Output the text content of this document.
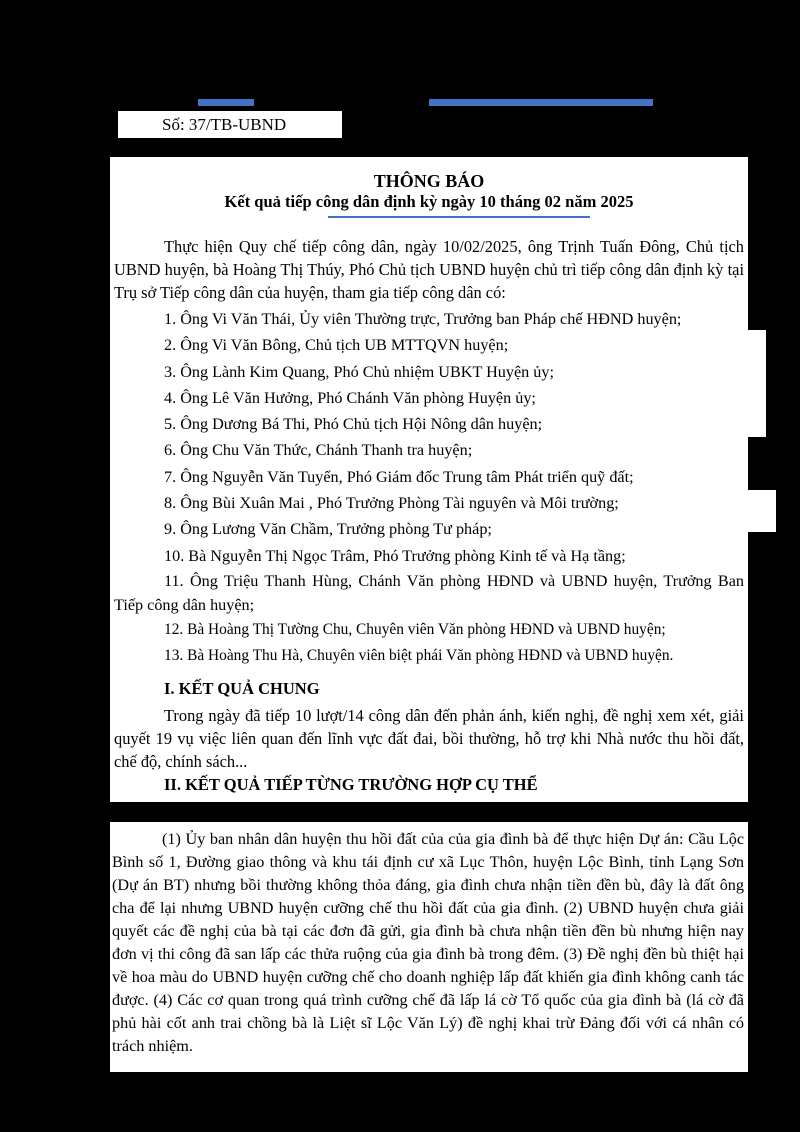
Số: 37/TB-UBND
THÔNG BÁO
Kết quả tiếp công dân định kỳ ngày 10 tháng 02 năm 2025
Thực hiện Quy chế tiếp công dân, ngày 10/02/2025, ông Trịnh Tuấn Đông, Chủ tịch UBND huyện, bà Hoàng Thị Thúy, Phó Chủ tịch UBND huyện chủ trì tiếp công dân định kỳ tại Trụ sở Tiếp công dân của huyện, tham gia tiếp công dân có:
1. Ông Vi Văn Thái, Ủy viên Thường trực, Trưởng ban Pháp chế HĐND huyện;
2. Ông Vi Văn Bông, Chủ tịch UB MTTQVN huyện;
3. Ông Lành Kim Quang, Phó Chủ nhiệm UBKT Huyện ủy;
4. Ông Lê Văn Hưởng, Phó Chánh Văn phòng Huyện ủy;
5. Ông Dương Bá Thi, Phó Chủ tịch Hội Nông dân huyện;
6. Ông Chu Văn Thức, Chánh Thanh tra huyện;
7. Ông Nguyễn Văn Tuyển, Phó Giám đốc Trung tâm Phát triển quỹ đất;
8. Ông Bùi Xuân Mai , Phó Trưởng Phòng Tài nguyên và Môi trường;
9. Ông Lương Văn Chầm, Trưởng phòng Tư pháp;
10. Bà Nguyễn Thị Ngọc Trâm, Phó Trưởng phòng Kinh tế và Hạ tầng;
11. Ông Triệu Thanh Hùng, Chánh Văn phòng HĐND và UBND huyện, Trưởng Ban Tiếp công dân huyện;
12. Bà Hoàng Thị Tường Chu, Chuyên viên Văn phòng HĐND và UBND huyện;
13. Bà Hoàng Thu Hà, Chuyên viên biệt phái Văn phòng HĐND và UBND huyện.
I. KẾT QUẢ CHUNG
Trong ngày đã tiếp 10 lượt/14 công dân đến phản ánh, kiến nghị, đề nghị xem xét, giải quyết 19 vụ việc liên quan đến lĩnh vực đất đai, bồi thường, hỗ trợ khi Nhà nước thu hồi đất, chế độ, chính sách...
II. KẾT QUẢ TIẾP TỪNG TRƯỜNG HỢP CỤ THỂ
(1) Ủy ban nhân dân huyện thu hồi đất của của gia đình bà để thực hiện Dự án: Cầu Lộc Bình số 1, Đường giao thông và khu tái định cư xã Lục Thôn, huyện Lộc Bình, tỉnh Lạng Sơn (Dự án BT) nhưng bồi thường không thỏa đáng, gia đình chưa nhận tiền đền bù, đây là đất ông cha để lại nhưng UBND huyện cưỡng chế thu hồi đất của gia đình. (2) UBND huyện chưa giải quyết các đề nghị của bà tại các đơn đã gửi, gia đình bà chưa nhận tiền đền bù nhưng hiện nay đơn vị thi công đã san lấp các thửa ruộng của gia đình bà trong đêm. (3) Đề nghị đền bù thiệt hại về hoa màu do UBND huyện cưỡng chế cho doanh nghiệp lấp đất khiến gia đình không canh tác được. (4) Các cơ quan trong quá trình cưỡng chế đã lấp lá cờ Tổ quốc của gia đình bà (lá cờ đã phủ hài cốt anh trai chồng bà là Liệt sĩ Lộc Văn Lý) đề nghị khai trừ Đảng đối với cá nhân có trách nhiệm.
